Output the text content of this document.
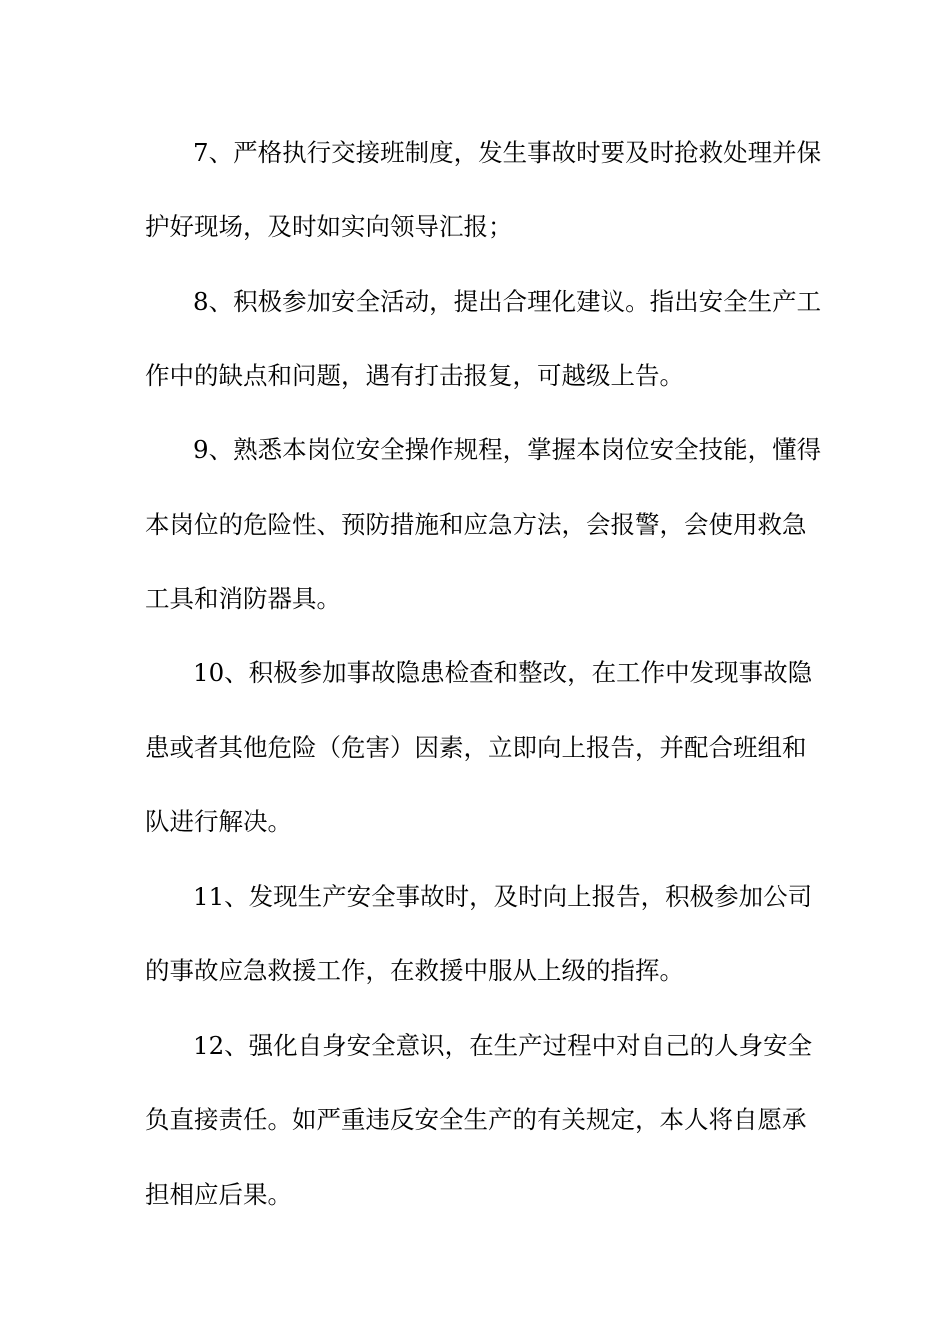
7、严格执行交接班制度，发生事故时要及时抢救处理并保
护好现场，及时如实向领导汇报；
8、积极参加安全活动，提出合理化建议。指出安全生产工
作中的缺点和问题，遇有打击报复，可越级上告。
9、熟悉本岗位安全操作规程，掌握本岗位安全技能，懂得
本岗位的危险性、预防措施和应急方法，会报警，会使用救急
工具和消防器具。
10、积极参加事故隐患检查和整改，在工作中发现事故隐
患或者其他危险（危害）因素，立即向上报告，并配合班组和
队进行解决。
11、发现生产安全事故时，及时向上报告，积极参加公司
的事故应急救援工作，在救援中服从上级的指挥。
12、强化自身安全意识，在生产过程中对自己的人身安全
负直接责任。如严重违反安全生产的有关规定，本人将自愿承
担相应后果。
